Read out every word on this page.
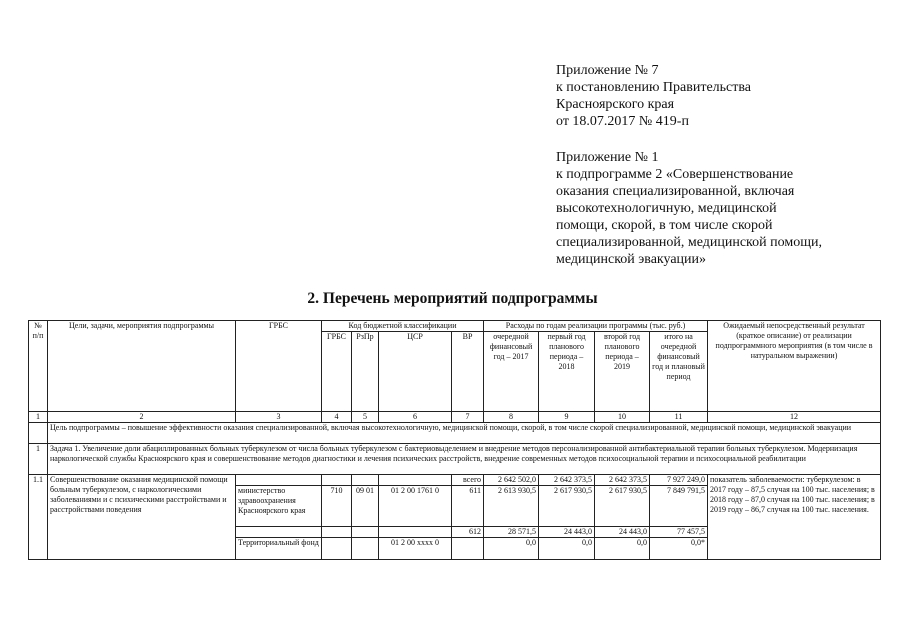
Приложение № 7
к постановлению Правительства
Красноярского края
от 18.07.2017 № 419-п
Приложение № 1
к подпрограмме 2 «Совершенствование
оказания специализированной, включая
высокотехнологичную, медицинской
помощи, скорой, в том числе скорой
специализированной, медицинской помощи,
медицинской эвакуации»
2. Перечень мероприятий подпрограммы
№ п/п	Цели, задачи, мероприятия подпрограммы	ГРБС	Код бюджетной классификации				Расходы по годам реализации программы (тыс. руб.)				Ожидаемый непосредственный результат (краткое описание) от реализации подпрограммного мероприятия (в том числе в натуральном выражении)
			ГРБС	РзПр	ЦСР	ВР	очередной финансовый год – 2017	первый год планового периода – 2018	второй год планового периода – 2019	итого на очередной финансовый год и плановый период	
1	2	3	4	5	6	7	8	9	10	11	12
	Цель подпрограммы – повышение эффективности оказания специализированной, включая высокотехнологичную, медицинской помощи, скорой, в том числе скорой специализированной, медицинской помощи, медицинской эвакуации										
1	Задача 1. Увеличение доли абациллированных больных туберкулезом от числа больных туберкулезом с бактериовыделением и внедрение методов персонализированной антибактериальной терапии больных туберкулезом. Модернизация наркологической службы Красноярского края и совершенствование методов диагностики и лечения психических расстройств, внедрение современных методов психосоциальной терапии и психосоциальной реабилитации										
1.1	Совершенствование оказания медицинской помощи больным туберкулезом, с наркологическими заболеваниями и с психическими расстройствами и расстройствами поведения					всего	2 642 502,0	2 642 373,5	2 642 373,5	7 927 249,0	показатель заболеваемости: туберкулезом: в 2017 году – 87,5 случая на 100 тыс. населения; в 2018 году – 87,0 случая на 100 тыс. населения; в 2019 году – 86,7 случая на 100 тыс. населения.
		министерство здравоохранения Красноярского края	710	09 01	01 2 00 1761 0	611	2 613 930,5	2 617 930,5	2 617 930,5	7 849 791,5	
						612	28 571,5	24 443,0	24 443,0	77 457,5	
		Территориальный фонд			01 2 00 xxxx 0		0,0	0,0	0,0	0,0*	
